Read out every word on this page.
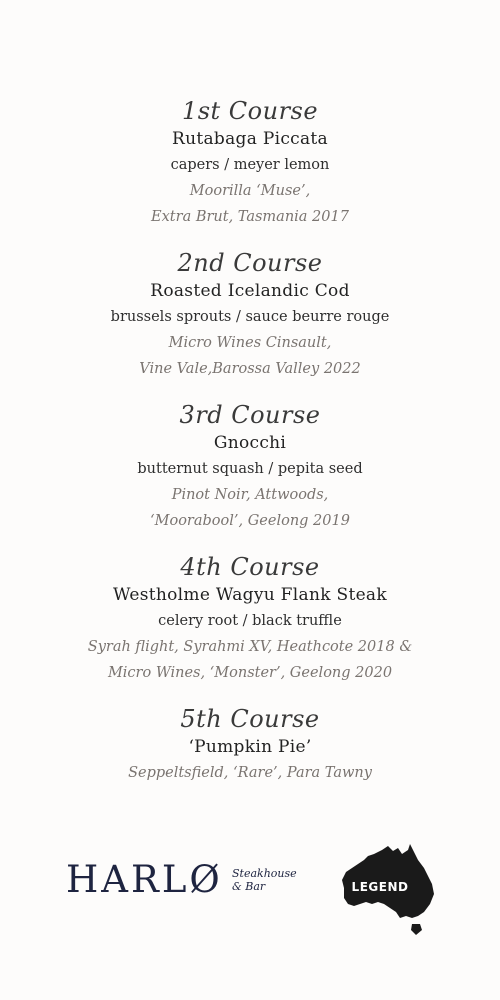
1st Course
Rutabaga Piccata
capers / meyer lemon
Moorilla ‘Muse’,
Extra Brut, Tasmania 2017
2nd Course
Roasted Icelandic Cod
brussels sprouts / sauce beurre rouge
Micro Wines Cinsault,
Vine Vale,Barossa Valley 2022
3rd Course
Gnocchi
butternut squash / pepita seed
Pinot Noir, Attwoods,
‘Moorabool’, Geelong 2019
4th Course
Westholme Wagyu Flank Steak
celery root / black truffle
Syrah flight, Syrahmi XV, Heathcote 2018 &
Micro Wines, ‘Monster’, Geelong 2020
5th Course
‘Pumpkin Pie’
Seppeltsfield, ‘Rare’, Para Tawny
HARLØ Steakhouse
& Bar	LEGEND
